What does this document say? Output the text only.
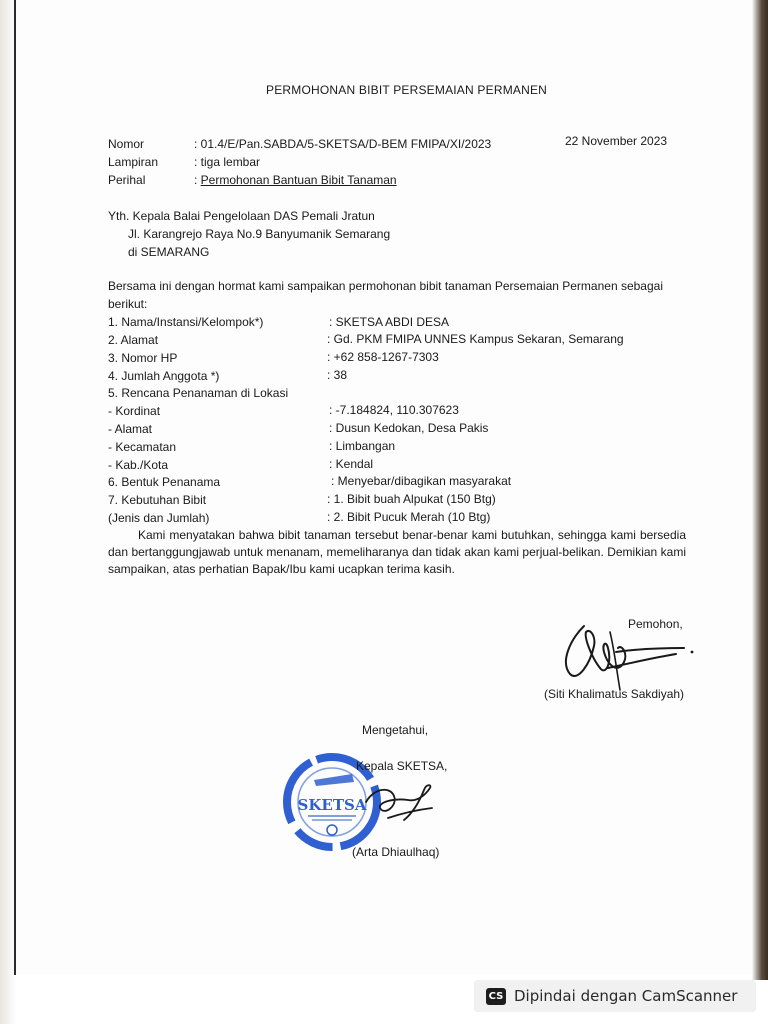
PERMOHONAN BIBIT PERSEMAIAN PERMANEN
Nomor	: 01.4/E/Pan.SABDA/5-SKETSA/D-BEM FMIPA/XI/2023	22 November 2023
Lampiran	: tiga lembar
Perihal	: Permohonan Bantuan Bibit Tanaman
Yth. Kepala Balai Pengelolaan DAS Pemali Jratun
Jl. Karangrejo Raya No.9 Banyumanik Semarang
di SEMARANG
Bersama ini dengan hormat kami sampaikan permohonan bibit tanaman Persemaian Permanen sebagai
berikut:
1. Nama/Instansi/Kelompok*)	: SKETSA ABDI DESA
2. Alamat	: Gd. PKM FMIPA UNNES Kampus Sekaran, Semarang
3. Nomor HP	: +62 858-1267-7303
4. Jumlah Anggota *)	: 38
5. Rencana Penanaman di Lokasi
- Kordinat	: -7.184824, 110.307623
- Alamat	: Dusun Kedokan, Desa Pakis
- Kecamatan	: Limbangan
- Kab./Kota	: Kendal
6. Bentuk Penanama	: Menyebar/dibagikan masyarakat
7. Kebutuhan Bibit	: 1. Bibit buah Alpukat (150 Btg)
(Jenis dan Jumlah)	: 2. Bibit Pucuk Merah (10 Btg)
Kami menyatakan bahwa bibit tanaman tersebut benar-benar kami butuhkan, sehingga kami bersedia dan bertanggungjawab untuk menanam, memeliharanya dan tidak akan kami perjual-belikan. Demikian kami sampaikan, atas perhatian Bapak/Ibu kami ucapkan terima kasih.
Pemohon,
(Siti Khalimatus Sakdiyah)
Mengetahui,
SKETSA
Kepala SKETSA,
(Arta Dhiaulhaq)
CS Dipindai dengan CamScanner
